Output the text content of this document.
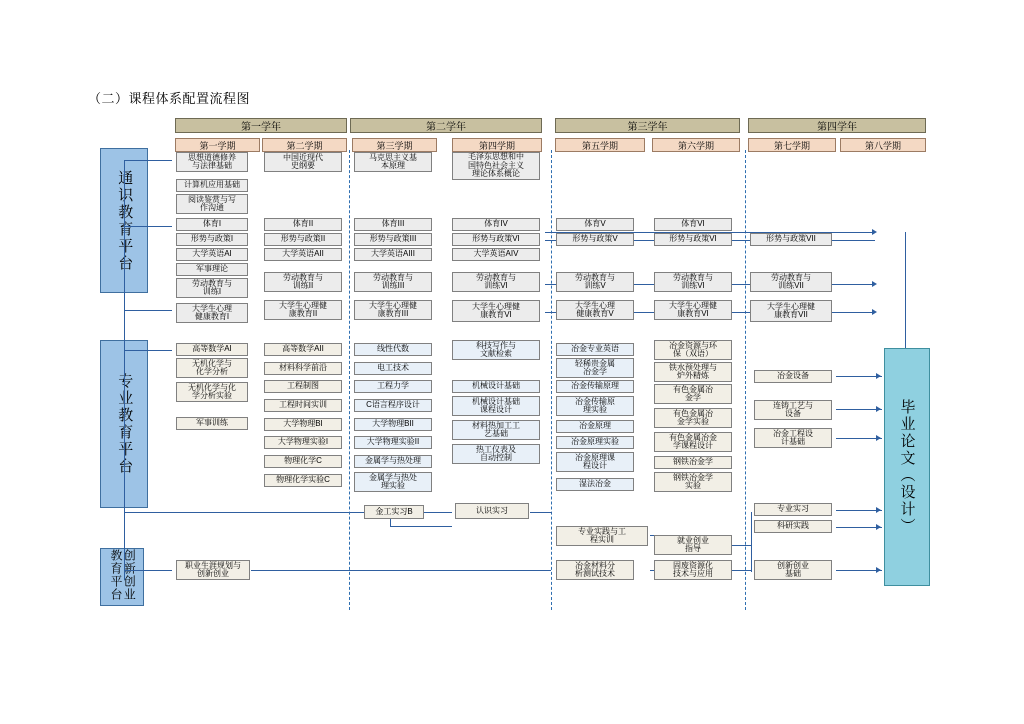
（二）课程体系配置流程图
第一学年	第二学年	第三学年	第四学年
第一学期	第二学期	第三学期	第四学期	第五学期	第六学期	第七学期	第八学期
通识教育平台
专业教育平台
创新创业教育平台
毕业论文（设计）
思想道德修养
与法律基础
计算机应用基础
阅读鉴赏与写
作沟通
体育I
形势与政策I
大学英语AI
军事理论
劳动教育与
训练I
大学生心理
健康教育I
中国近现代
史纲要
体育II
形势与政策II
大学英语AII
劳动教育与
训练II
大学生心理健
康教育II
马克思主义基
本原理
体育III
形势与政策III
大学英语AIII
劳动教育与
训练III
大学生心理健
康教育III
毛泽东思想和中
国特色社会主义
理论体系概论
体育IV
形势与政策VI
大学英语AIV
劳动教育与
训练VI
大学生心理健
康教育VI
体育V
形势与政策V
劳动教育与
训练V
大学生心理
健康教育V
体育VI
形势与政策VI
劳动教育与
训练VI
大学生心理健
康教育VI
形势与政策VII
劳动教育与
训练VII
大学生心理健
康教育VII
高等数学AI
无机化学与
化学分析
无机化学与化
学分析实验
军事训练
高等数学AII
材料科学前沿
工程制图
工程时间实训
大学物理BI
大学物理实验I
物理化学C
物理化学实验C
线性代数
电工技术
工程力学
C语言程序设计
大学物理BII
大学物理实验II
金属学与热处理
金属学与热处
理实验
科技写作与
文献检索
机械设计基础
机械设计基础
课程设计
材料热加工工
艺基础
热工仪表及
自动控制
冶金专业英语
轻稀贵金属
冶金学
冶金传输原理
冶金传输原
理实验
冶金原理
冶金原理实验
冶金原理课
程设计
湿法冶金
冶金资源与环
保（双语）
铁水预处理与
炉外精炼
有色金属冶
金学
有色金属冶
金学实验
有色金属冶金
学课程设计
钢铁冶金学
钢铁冶金学
实验
冶金设备
连铸工艺与
设备
冶金工程设
计基础
金工实习B	认识实习
专业实践与工
程实训
专业实习
科研实践
职业生涯规划与
创新创业
冶金材料分
析测试技术
就业创业
指导
固废资源化
技术与应用
创新创业
基础
